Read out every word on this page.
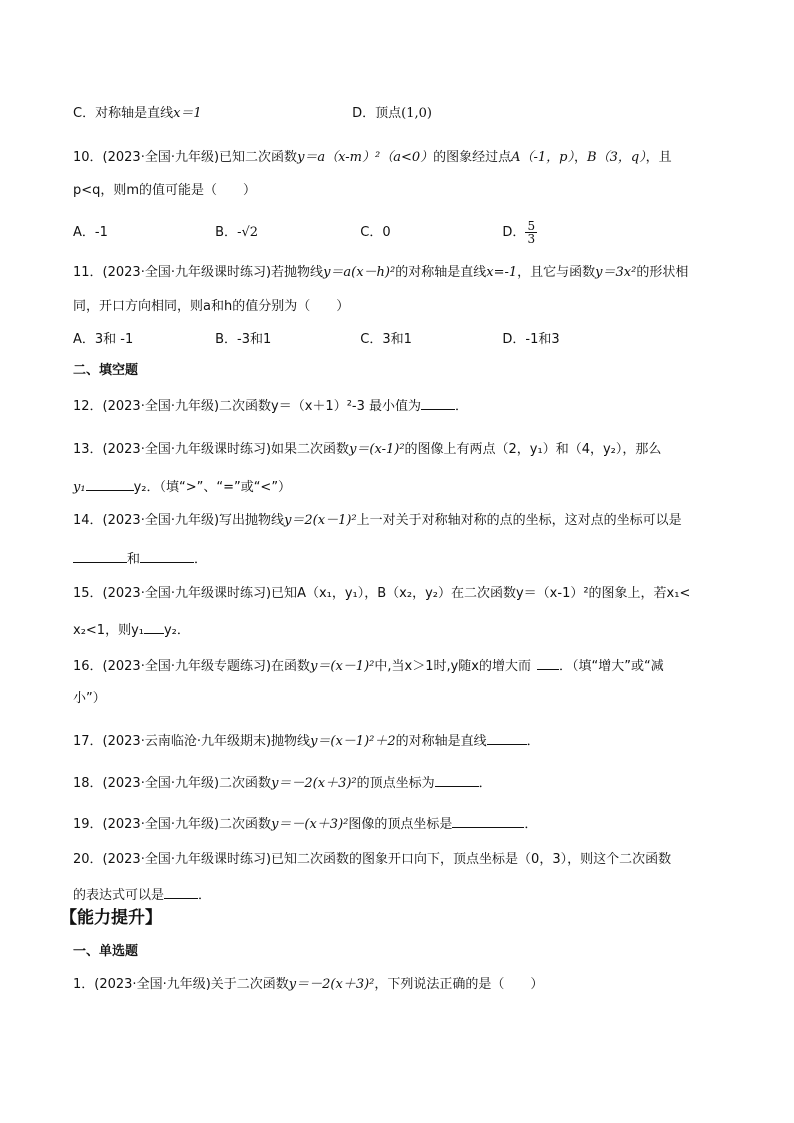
C．对称轴是直线x＝1	D．顶点(1,0)
10．(2023·全国·九年级)已知二次函数y＝a（x-m）²（a<0）的图象经过点A（-1，p），B（3，q），且
p<q，则m的值可能是（　　）
A．-1	B．-√2	C．0	D． $\frac{5}{3}$
11．(2023·全国·九年级课时练习)若抛物线y＝a(x－h)²的对称轴是直线x=-1，且它与函数y＝3x²的形状相
同，开口方向相同，则a和h的值分别为（　　）
A．3和 -1	B．-3和1	C．3和1	D．-1和3
二、填空题
12．(2023·全国·九年级)二次函数y＝（x＋1）²-3 最小值为	．
13．(2023·全国·九年级课时练习)如果二次函数y＝(x-1)²的图像上有两点（2，y₁）和（4，y₂），那么
y₁	y₂．（填“>”、“=”或“<”）
14．(2023·全国·九年级)写出抛物线y＝2(x－1)²上一对关于对称轴对称的点的坐标，这对点的坐标可以是
和	．
15．(2023·全国·九年级课时练习)已知A（x₁，y₁），B（x₂，y₂）在二次函数y＝（x-1）²的图象上，若x₁<
x₂<1，则y₁ y₂．
16．(2023·全国·九年级专题练习)在函数y＝(x－1)²中,当x＞1时,y随x的增大而 ．（填“增大”或“减
小”）
17．(2023·云南临沧·九年级期末)抛物线y＝(x－1)²＋2的对称轴是直线	．
18．(2023·全国·九年级)二次函数y＝－2(x＋3)²的顶点坐标为	．
19．(2023·全国·九年级)二次函数y＝－(x＋3)²图像的顶点坐标是	．
20．(2023·全国·九年级课时练习)已知二次函数的图象开口向下，顶点坐标是（0，3），则这个二次函数
的表达式可以是	．
【能力提升】
一、单选题
1．(2023·全国·九年级)关于二次函数y＝－2(x＋3)²，下列说法正确的是（　　）
